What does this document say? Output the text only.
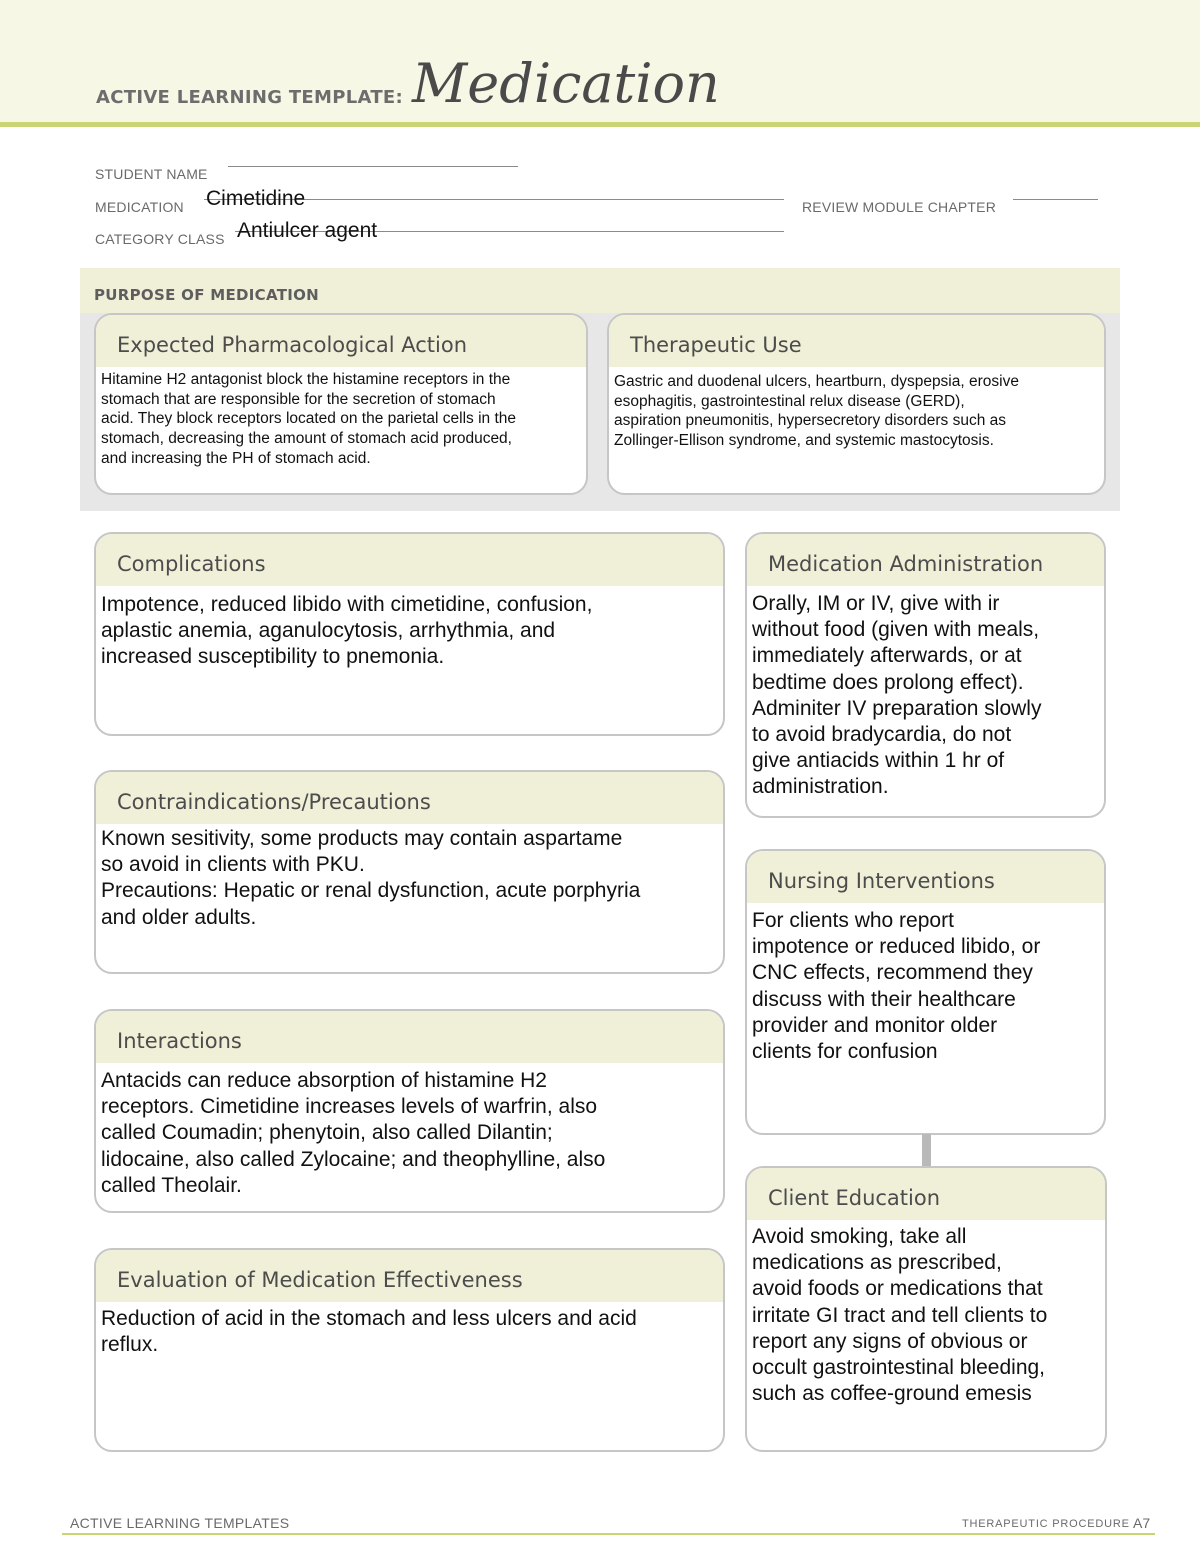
ACTIVE LEARNING TEMPLATE: Medication
STUDENT NAME
MEDICATION Cimetidine	REVIEW MODULE CHAPTER
CATEGORY CLASS Antiulcer agent
PURPOSE OF MEDICATION
Expected Pharmacological Action
Hitamine H2 antagonist block the histamine receptors in the
stomach that are responsible for the secretion of stomach
acid. They block receptors located on the parietal cells in the
stomach, decreasing the amount of stomach acid produced,
and increasing the PH of stomach acid.
Therapeutic Use
Gastric and duodenal ulcers, heartburn, dyspepsia, erosive
esophagitis, gastrointestinal relux disease (GERD),
aspiration pneumonitis, hypersecretory disorders such as
Zollinger-Ellison syndrome, and systemic mastocytosis.
Complications
Impotence, reduced libido with cimetidine, confusion,
aplastic anemia, aganulocytosis, arrhythmia, and
increased susceptibility to pnemonia.
Contraindications/Precautions
Known sesitivity, some products may contain aspartame
so avoid in clients with PKU.
Precautions: Hepatic or renal dysfunction, acute porphyria
and older adults.
Interactions
Antacids can reduce absorption of histamine H2
receptors. Cimetidine increases levels of warfrin, also
called Coumadin; phenytoin, also called Dilantin;
lidocaine, also called Zylocaine; and theophylline, also
called Theolair.
Evaluation of Medication Effectiveness
Reduction of acid in the stomach and less ulcers and acid
reflux.
Medication Administration
Orally, IM or IV, give with ir
without food (given with meals,
immediately afterwards, or at
bedtime does prolong effect).
Adminiter IV preparation slowly
to avoid bradycardia, do not
give antiacids within 1 hr of
administration.
Nursing Interventions
For clients who report
impotence or reduced libido, or
CNC effects, recommend they
discuss with their healthcare
provider and monitor older
clients for confusion
Client Education
Avoid smoking, take all
medications as prescribed,
avoid foods or medications that
irritate GI tract and tell clients to
report any signs of obvious or
occult gastrointestinal bleeding,
such as coffee-ground emesis
ACTIVE LEARNING TEMPLATES	THERAPEUTIC PROCEDURE A7
